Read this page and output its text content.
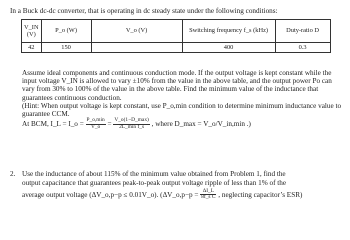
In a Buck dc-dc converter, that is operating in dc steady state under the following conditions:
V_IN (V)	P_o (W)	V_o (V)	Switching frequency f_s (kHz)	Duty-ratio D
42	150		400	0.3

Assume ideal components and continuous conduction mode. If the output voltage is kept constant while the input voltage V_IN is allowed to vary ±10% from the value in the above table, and the output power Po can vary from 30% to 100% of the value in the above table. Find the minimum value of the inductance that guarantees continuous conduction.

(Hint: When output voltage is kept constant, use P_o,min condition to determine minimum inductance value to guarantee CCM.

At BCM, I_L = I_o = $\frac{P\_o,\min}{V\_o} = \frac{V\_o(1-D\_\max)}{\text{2L\_min f\_s}}$ , where D_max = V_o/V_in,min .)

2. Use the inductance of about 115% of the minimum value obtained from Problem 1, find the
output capacitance that guarantees peak-to-peak output voltage ripple of less than 1% of the
average output voltage (ΔV_o,p−p ≤ 0.01V_o). (ΔV_o,p−p = $\frac{\Delta I\_L}{\text{8f\_s C}}$ , neglecting capacitor’s ESR)
